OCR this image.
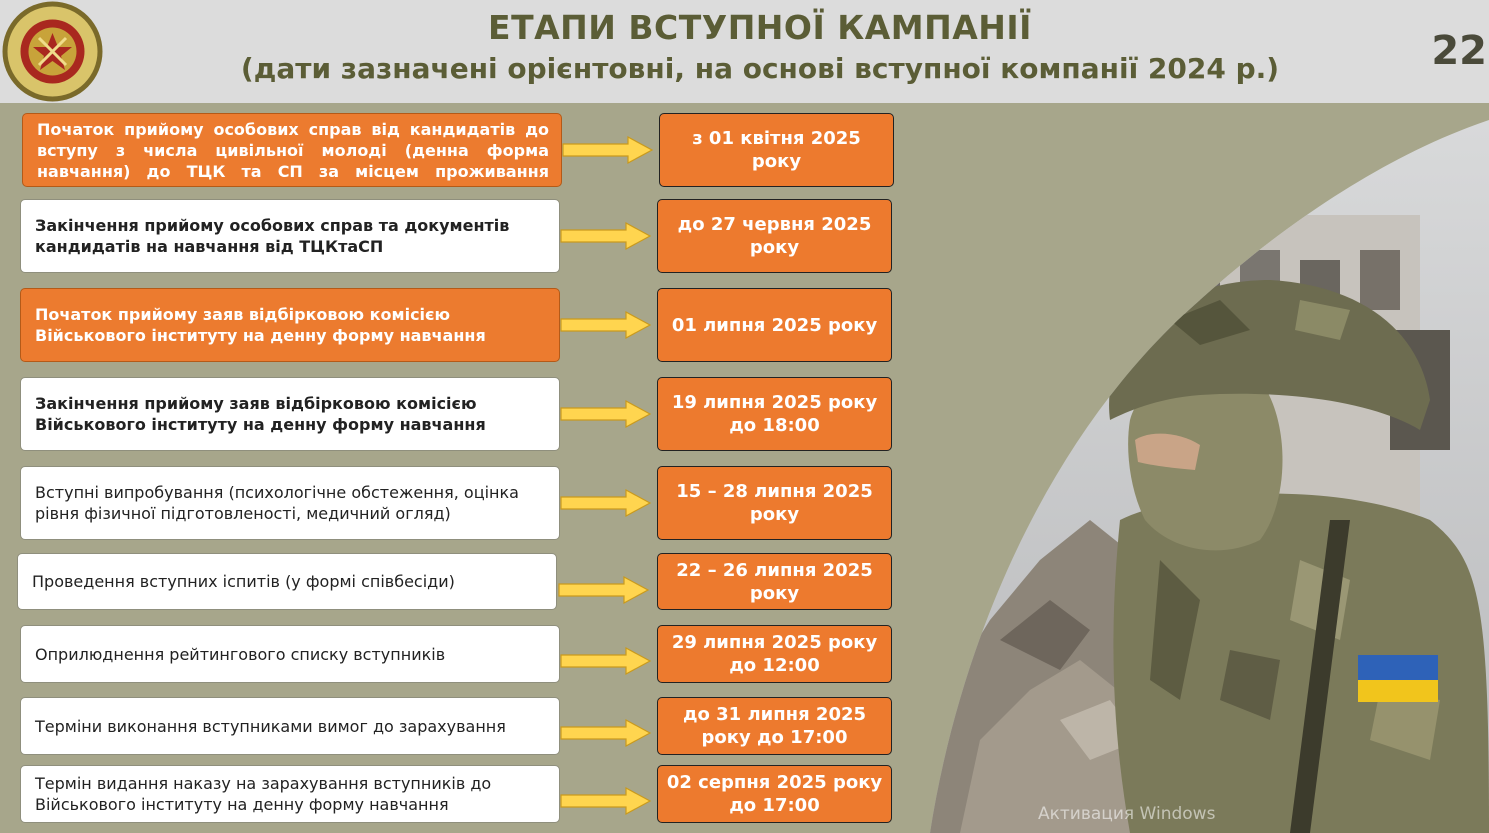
ЕТАПИ ВСТУПНОЇ КАМПАНІЇ
(дати зазначені орієнтовні, на основі вступної компанії 2024 р.)	22
Початок прийому особових справ від кандидатів до вступу з числа цивільної молоді (денна форма навчання) до ТЦК та СП за місцем проживання
Закінчення прийому особових справ та документів кандидатів на навчання від ТЦКтаСП
Початок прийому заяв відбірковою комісією Військового інституту на денну форму навчання
Закінчення прийому заяв відбірковою комісією Військового інституту на денну форму навчання
Вступні випробування (психологічне обстеження, оцінка рівня фізичної підготовленості, медичний огляд)
Проведення вступних іспитів (у формі співбесіди)
Оприлюднення рейтингового списку вступників
Терміни виконання вступниками вимог до зарахування
Термін видання наказу на зарахування вступників до Військового інституту на денну форму навчання
з 01 квітня 2025 року
до 27 червня 2025 року
01 липня 2025 року
19 липня 2025 року до 18:00
15 – 28 липня 2025 року
22 – 26 липня 2025 року
29 липня 2025 року до 12:00
до 31 липня 2025 року до 17:00
02 серпня 2025 року до 17:00	Активация Windows
